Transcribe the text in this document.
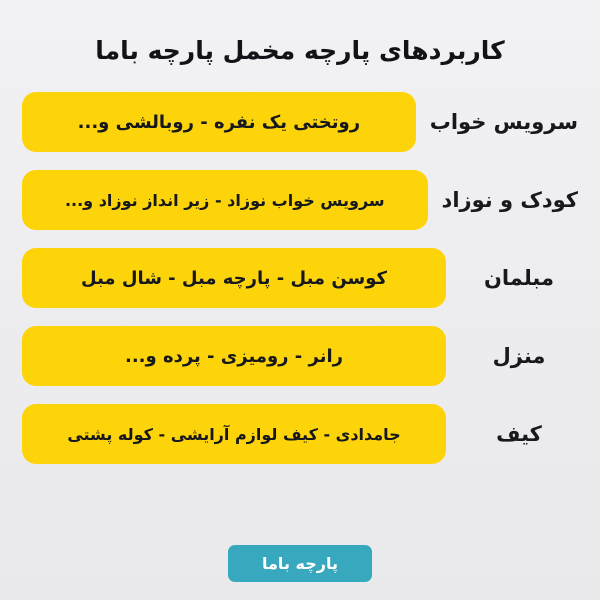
کاربردهای پارچه مخمل پارچه باما
سرویس خواب
روتختی یک نفره - روبالشی و...
کودک و نوزاد
سرویس خواب نوزاد - زیر انداز نوزاد و...
مبلمان
کوسن مبل - پارچه مبل - شال مبل
منزل
رانر - رومیزی - پرده و...
کیف
جامدادی - کیف لوازم آرایشی - کوله پشتی
پارچه باما
